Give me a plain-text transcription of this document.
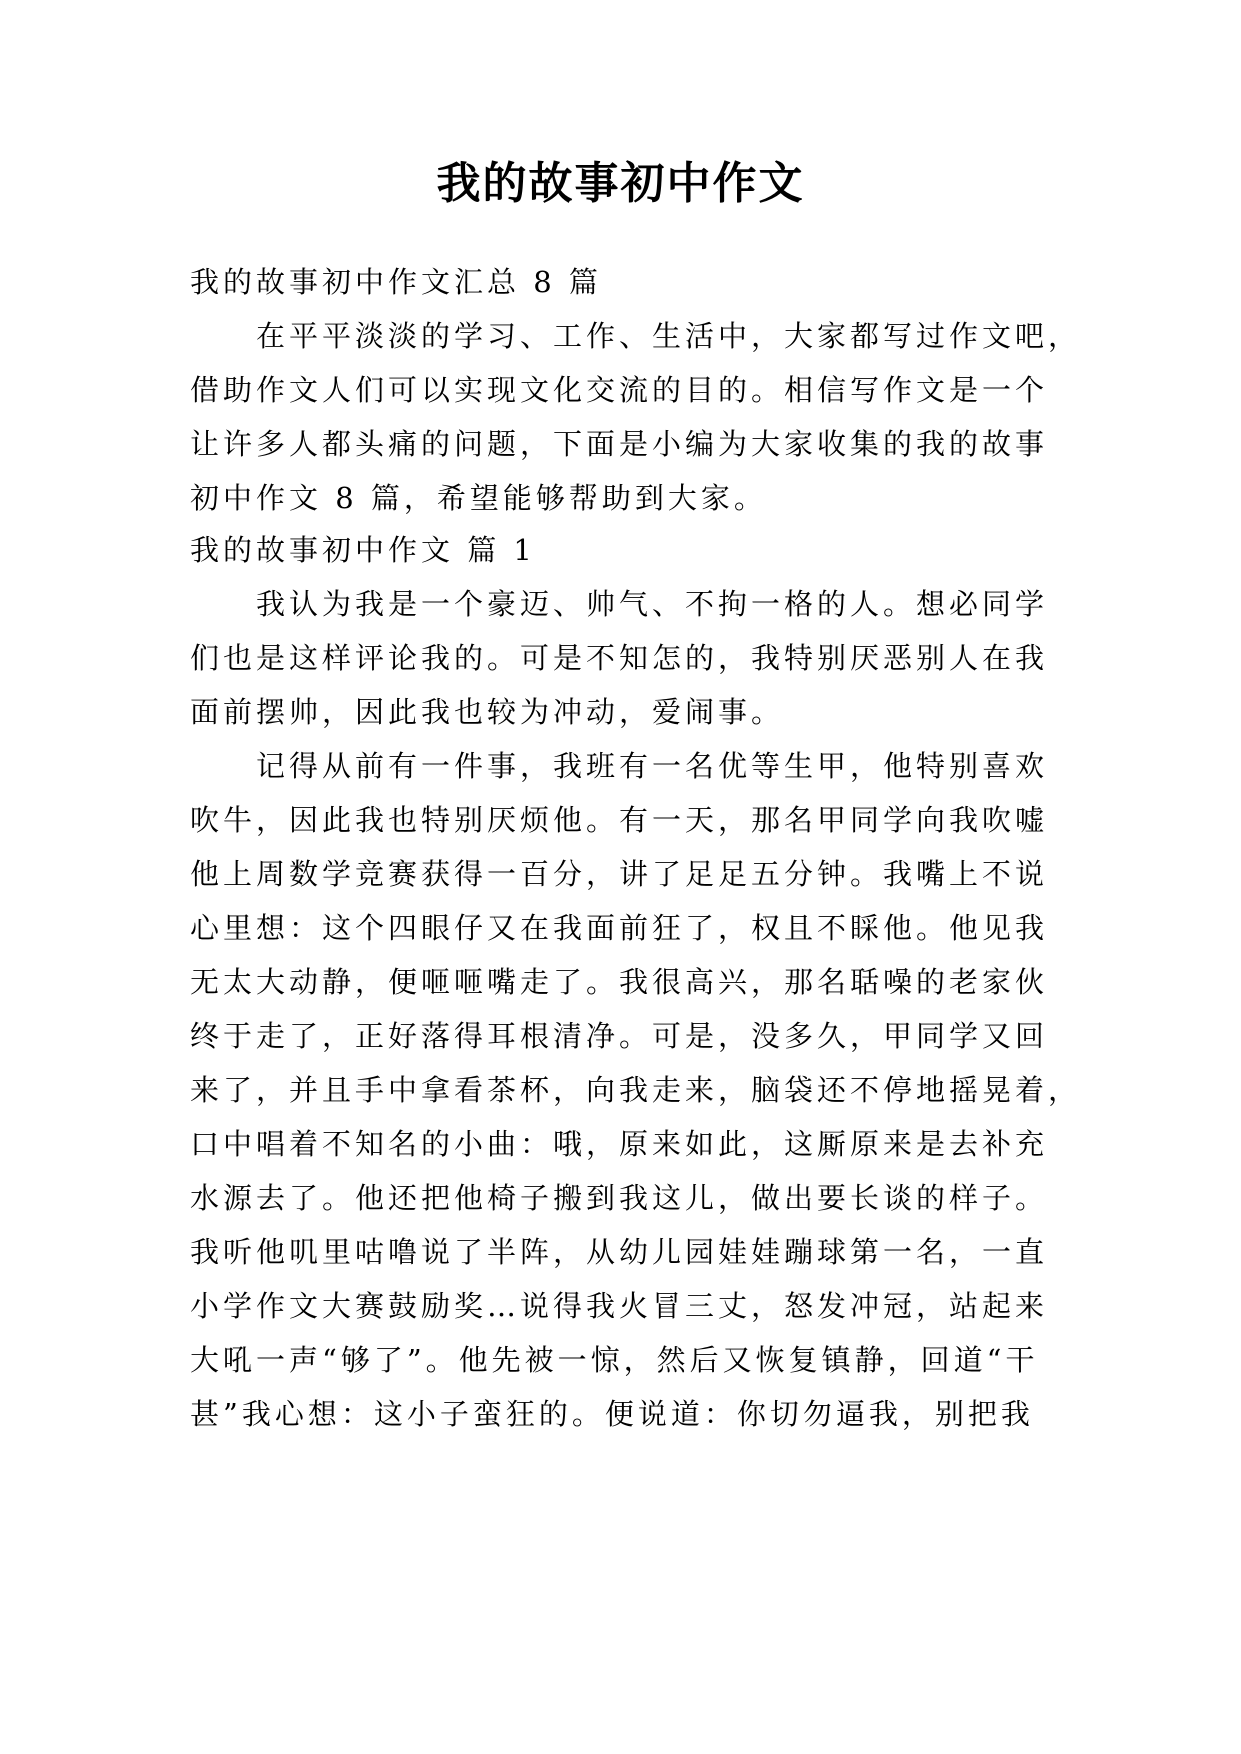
我的故事初中作文

我的故事初中作文汇总 8 篇

在平平淡淡的学习、工作、生活中，大家都写过作文吧，

借助作文人们可以实现文化交流的目的。相信写作文是一个

让许多人都头痛的问题，下面是小编为大家收集的我的故事

初中作文 8 篇，希望能够帮助到大家。

我的故事初中作文 篇 1

我认为我是一个豪迈、帅气、不拘一格的人。想必同学

们也是这样评论我的。可是不知怎的，我特别厌恶别人在我

面前摆帅，因此我也较为冲动，爱闹事。

记得从前有一件事，我班有一名优等生甲，他特别喜欢

吹牛，因此我也特别厌烦他。有一天，那名甲同学向我吹嘘

他上周数学竞赛获得一百分，讲了足足五分钟。我嘴上不说

心里想：这个四眼仔又在我面前狂了，权且不睬他。他见我

无太大动静，便咂咂嘴走了。我很高兴，那名聒噪的老家伙

终于走了，正好落得耳根清净。可是，没多久，甲同学又回

来了，并且手中拿看茶杯，向我走来，脑袋还不停地摇晃着，

口中唱着不知名的小曲：哦，原来如此，这厮原来是去补充

水源去了。他还把他椅子搬到我这儿，做出要长谈的样子。

我听他叽里咕噜说了半阵，从幼儿园娃娃蹦球第一名，一直

小学作文大赛鼓励奖…说得我火冒三丈，怒发冲冠，站起来

大吼一声“够了”。他先被一惊，然后又恢复镇静，回道“干

甚”我心想：这小子蛮狂的。便说道：你切勿逼我，别把我
